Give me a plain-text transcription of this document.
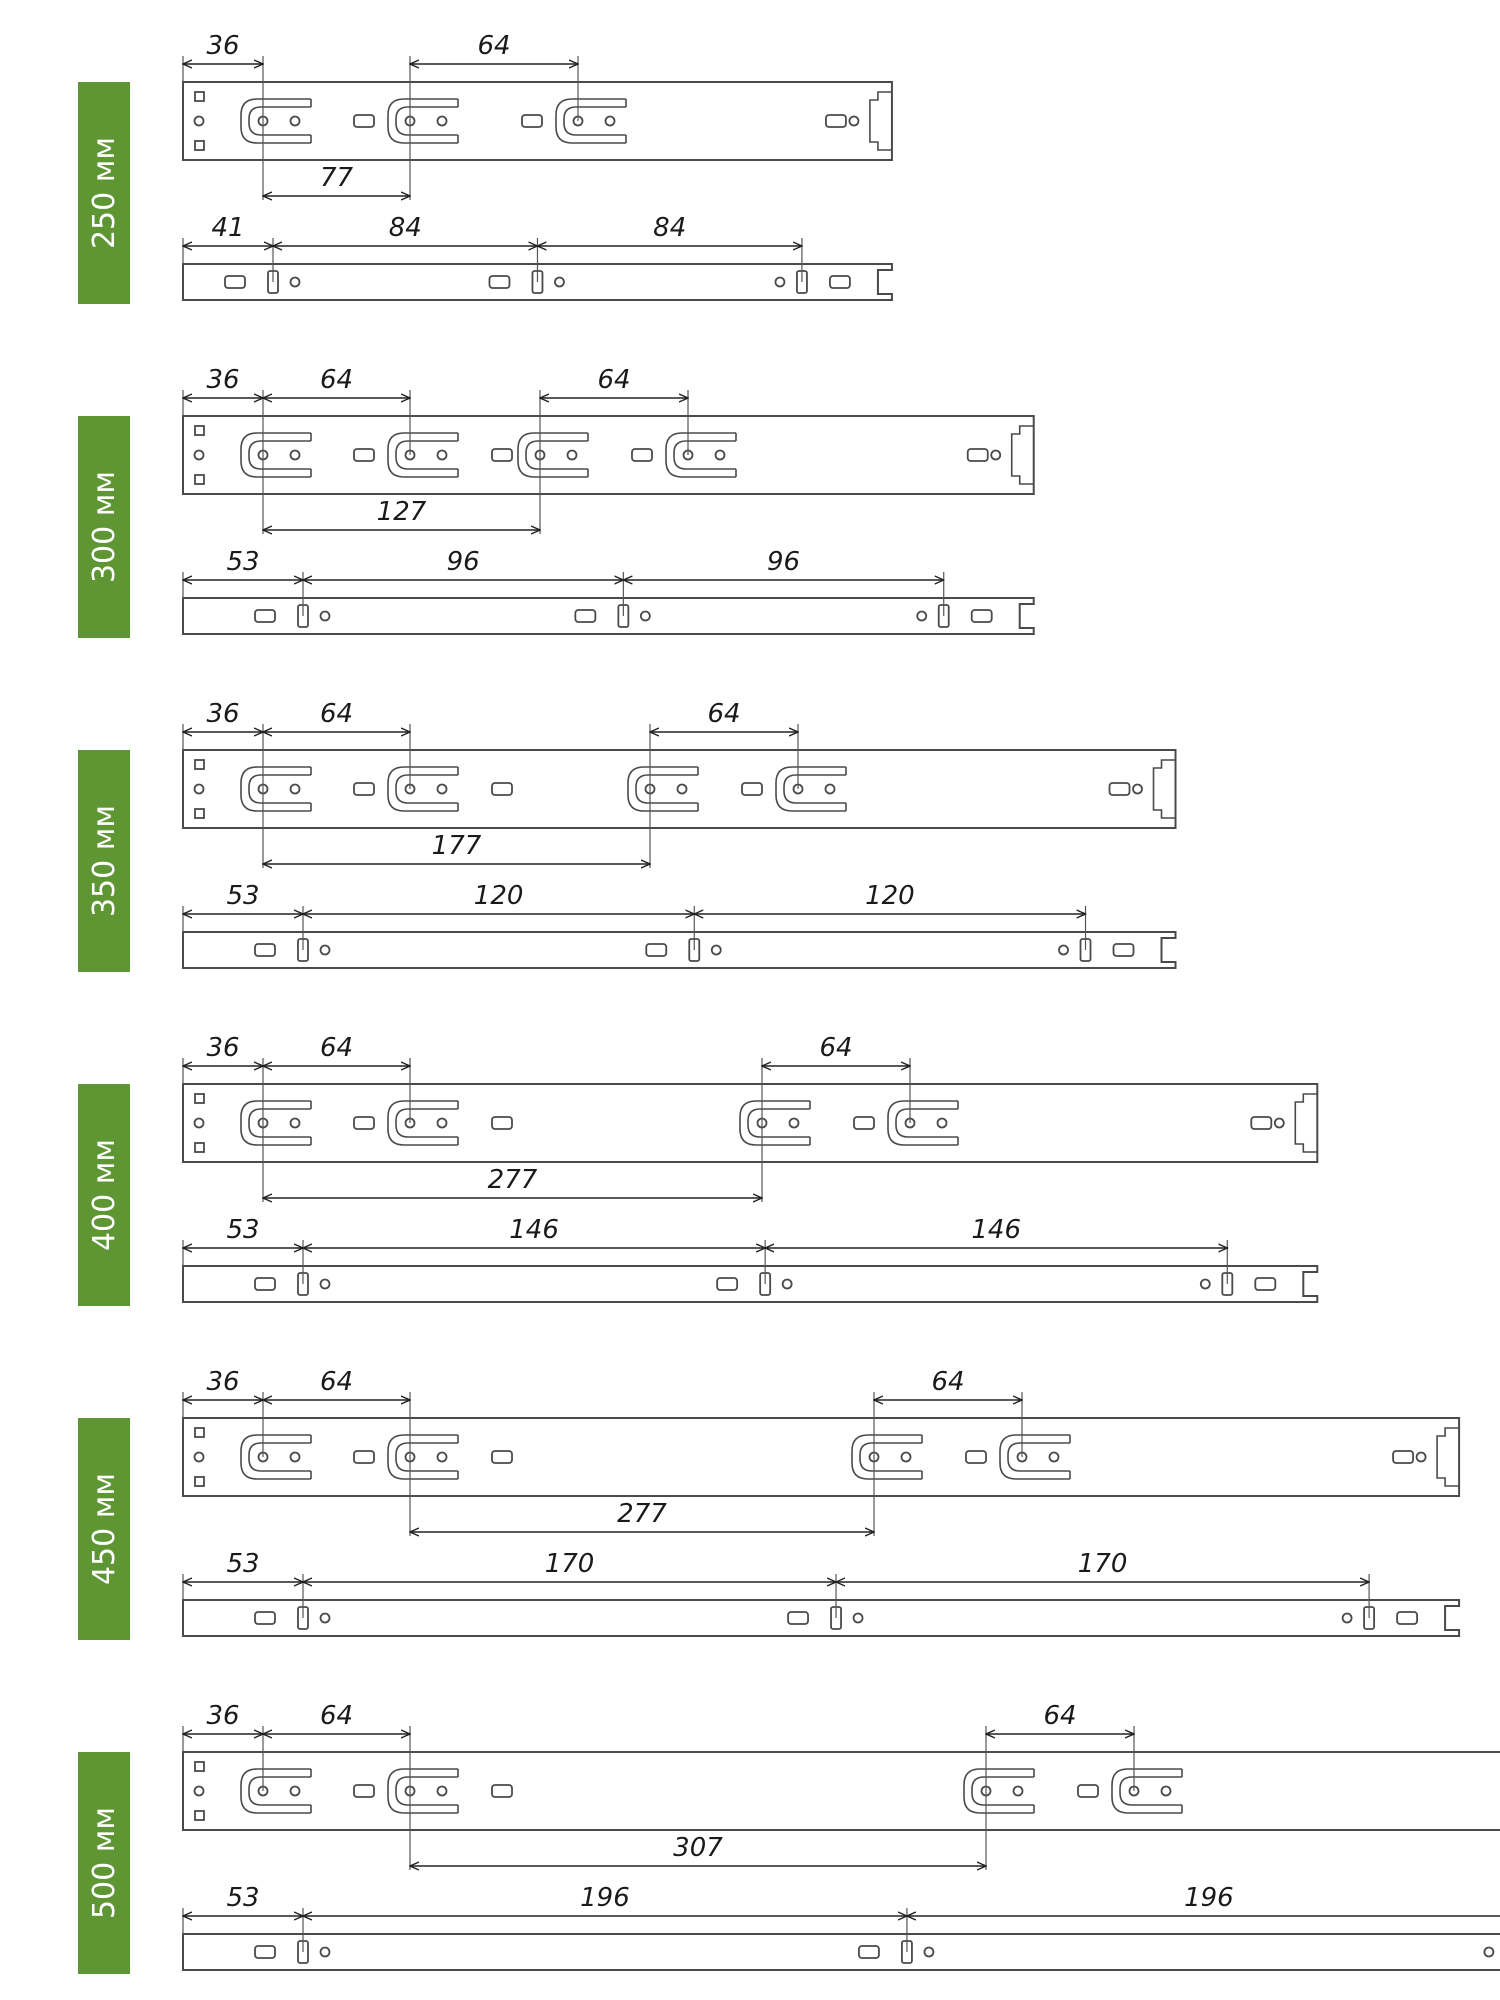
250 мм
36	64
77
41	84	84
300 мм
36	64	64
127
53	96	96
350 мм
36	64	64
177
53	120	120
400 мм
36	64	64
277
53	146	146
450 мм
36	64	64
277
53	170	170
500 мм
36	64	64
307
53	196	196
